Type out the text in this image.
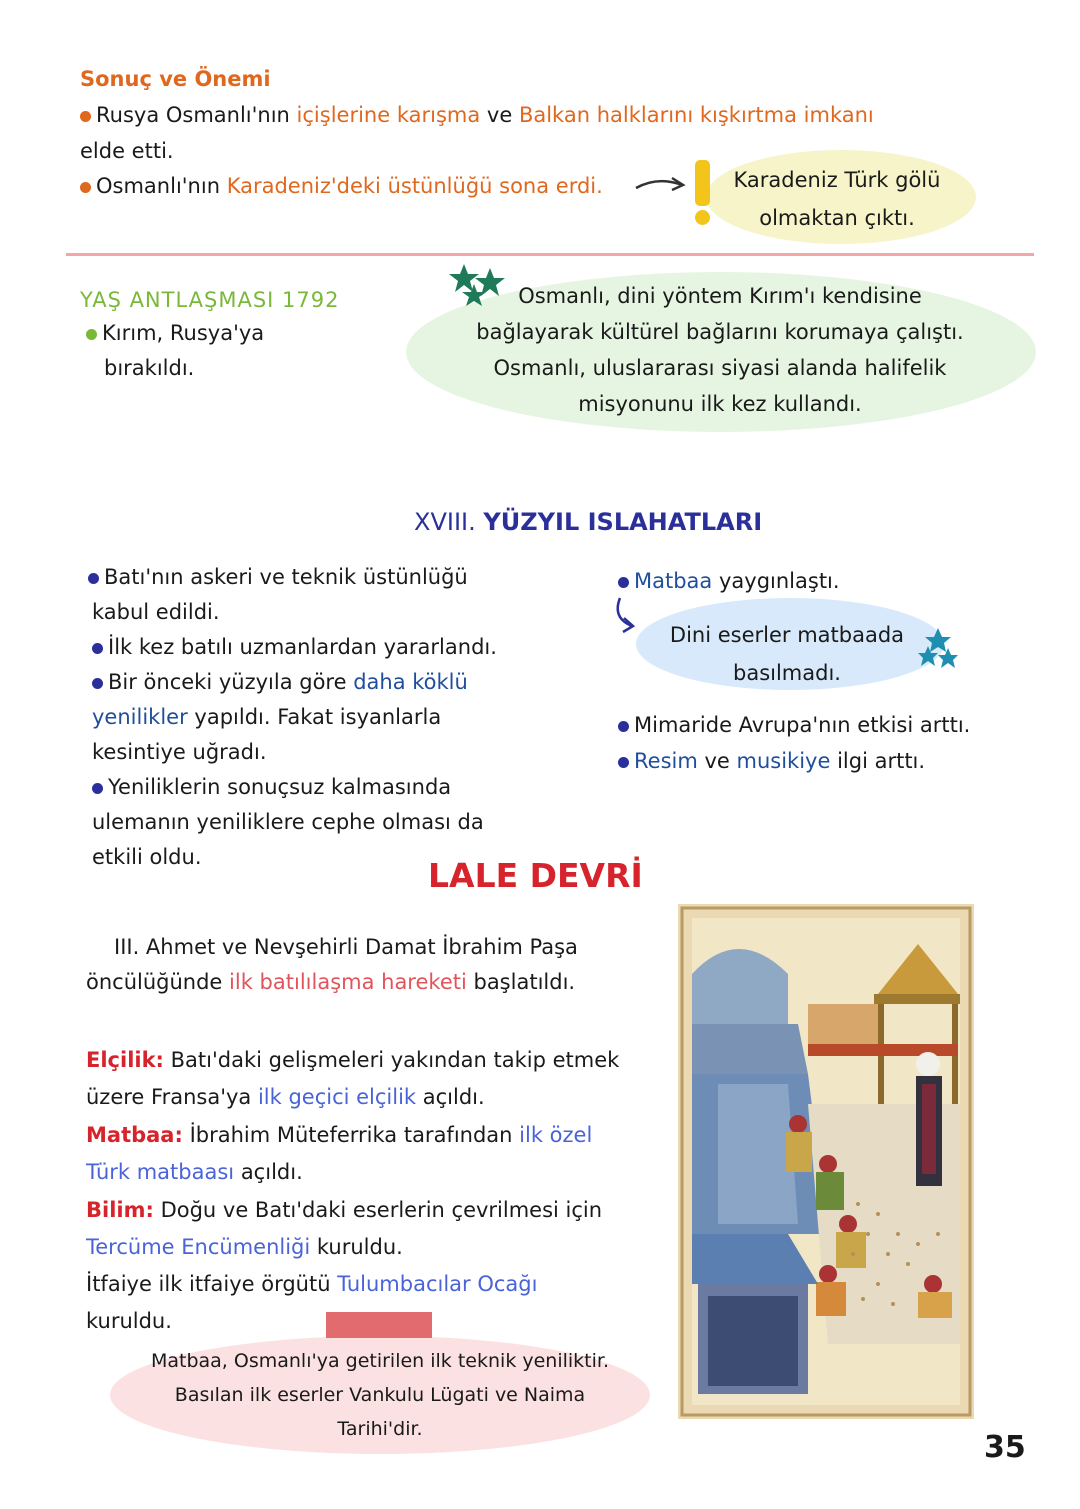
Sonuç ve Önemi
Rusya Osmanlı'nın içişlerine karışma ve Balkan halklarını kışkırtma imkanı
elde etti.
Osmanlı'nın Karadeniz'deki üstünlüğü sona erdi.	Karadeniz Türk gölü
olmaktan çıktı.
YAŞ ANTLAŞMASI 1792
Kırım, Rusya'ya
bırakıldı.
Osmanlı, dini yöntem Kırım'ı kendisine
bağlayarak kültürel bağlarını korumaya çalıştı.
Osmanlı, uluslararası siyasi alanda halifelik
misyonunu ilk kez kullandı.
XVIII. YÜZYIL ISLAHATLARI
Batı'nın askeri ve teknik üstünlüğü
kabul edildi.
İlk kez batılı uzmanlardan yararlandı.
Bir önceki yüzyıla göre daha köklü
yenilikler yapıldı. Fakat isyanlarla
kesintiye uğradı.
Yeniliklerin sonuçsuz kalmasında
ulemanın yeniliklere cephe olması da
etkili oldu.
Matbaa yaygınlaştı.
Dini eserler matbaada
basılmadı.
Mimaride Avrupa'nın etkisi arttı.
Resim ve musikiye ilgi arttı.
LALE DEVRİ
III. Ahmet ve Nevşehirli Damat İbrahim Paşa
öncülüğünde ilk batılılaşma hareketi başlatıldı.
Elçilik: Batı'daki gelişmeleri yakından takip etmek
üzere Fransa'ya ilk geçici elçilik açıldı.
Matbaa: İbrahim Müteferrika tarafından ilk özel
Türk matbaası açıldı.
Bilim: Doğu ve Batı'daki eserlerin çevrilmesi için
Tercüme Encümenliği kuruldu.
İtfaiye ilk itfaiye örgütü Tulumbacılar Ocağı
kuruldu.
Matbaa, Osmanlı'ya getirilen ilk teknik yeniliktir.
Basılan ilk eserler Vankulu Lügati ve Naima
Tarihi'dir.
35
